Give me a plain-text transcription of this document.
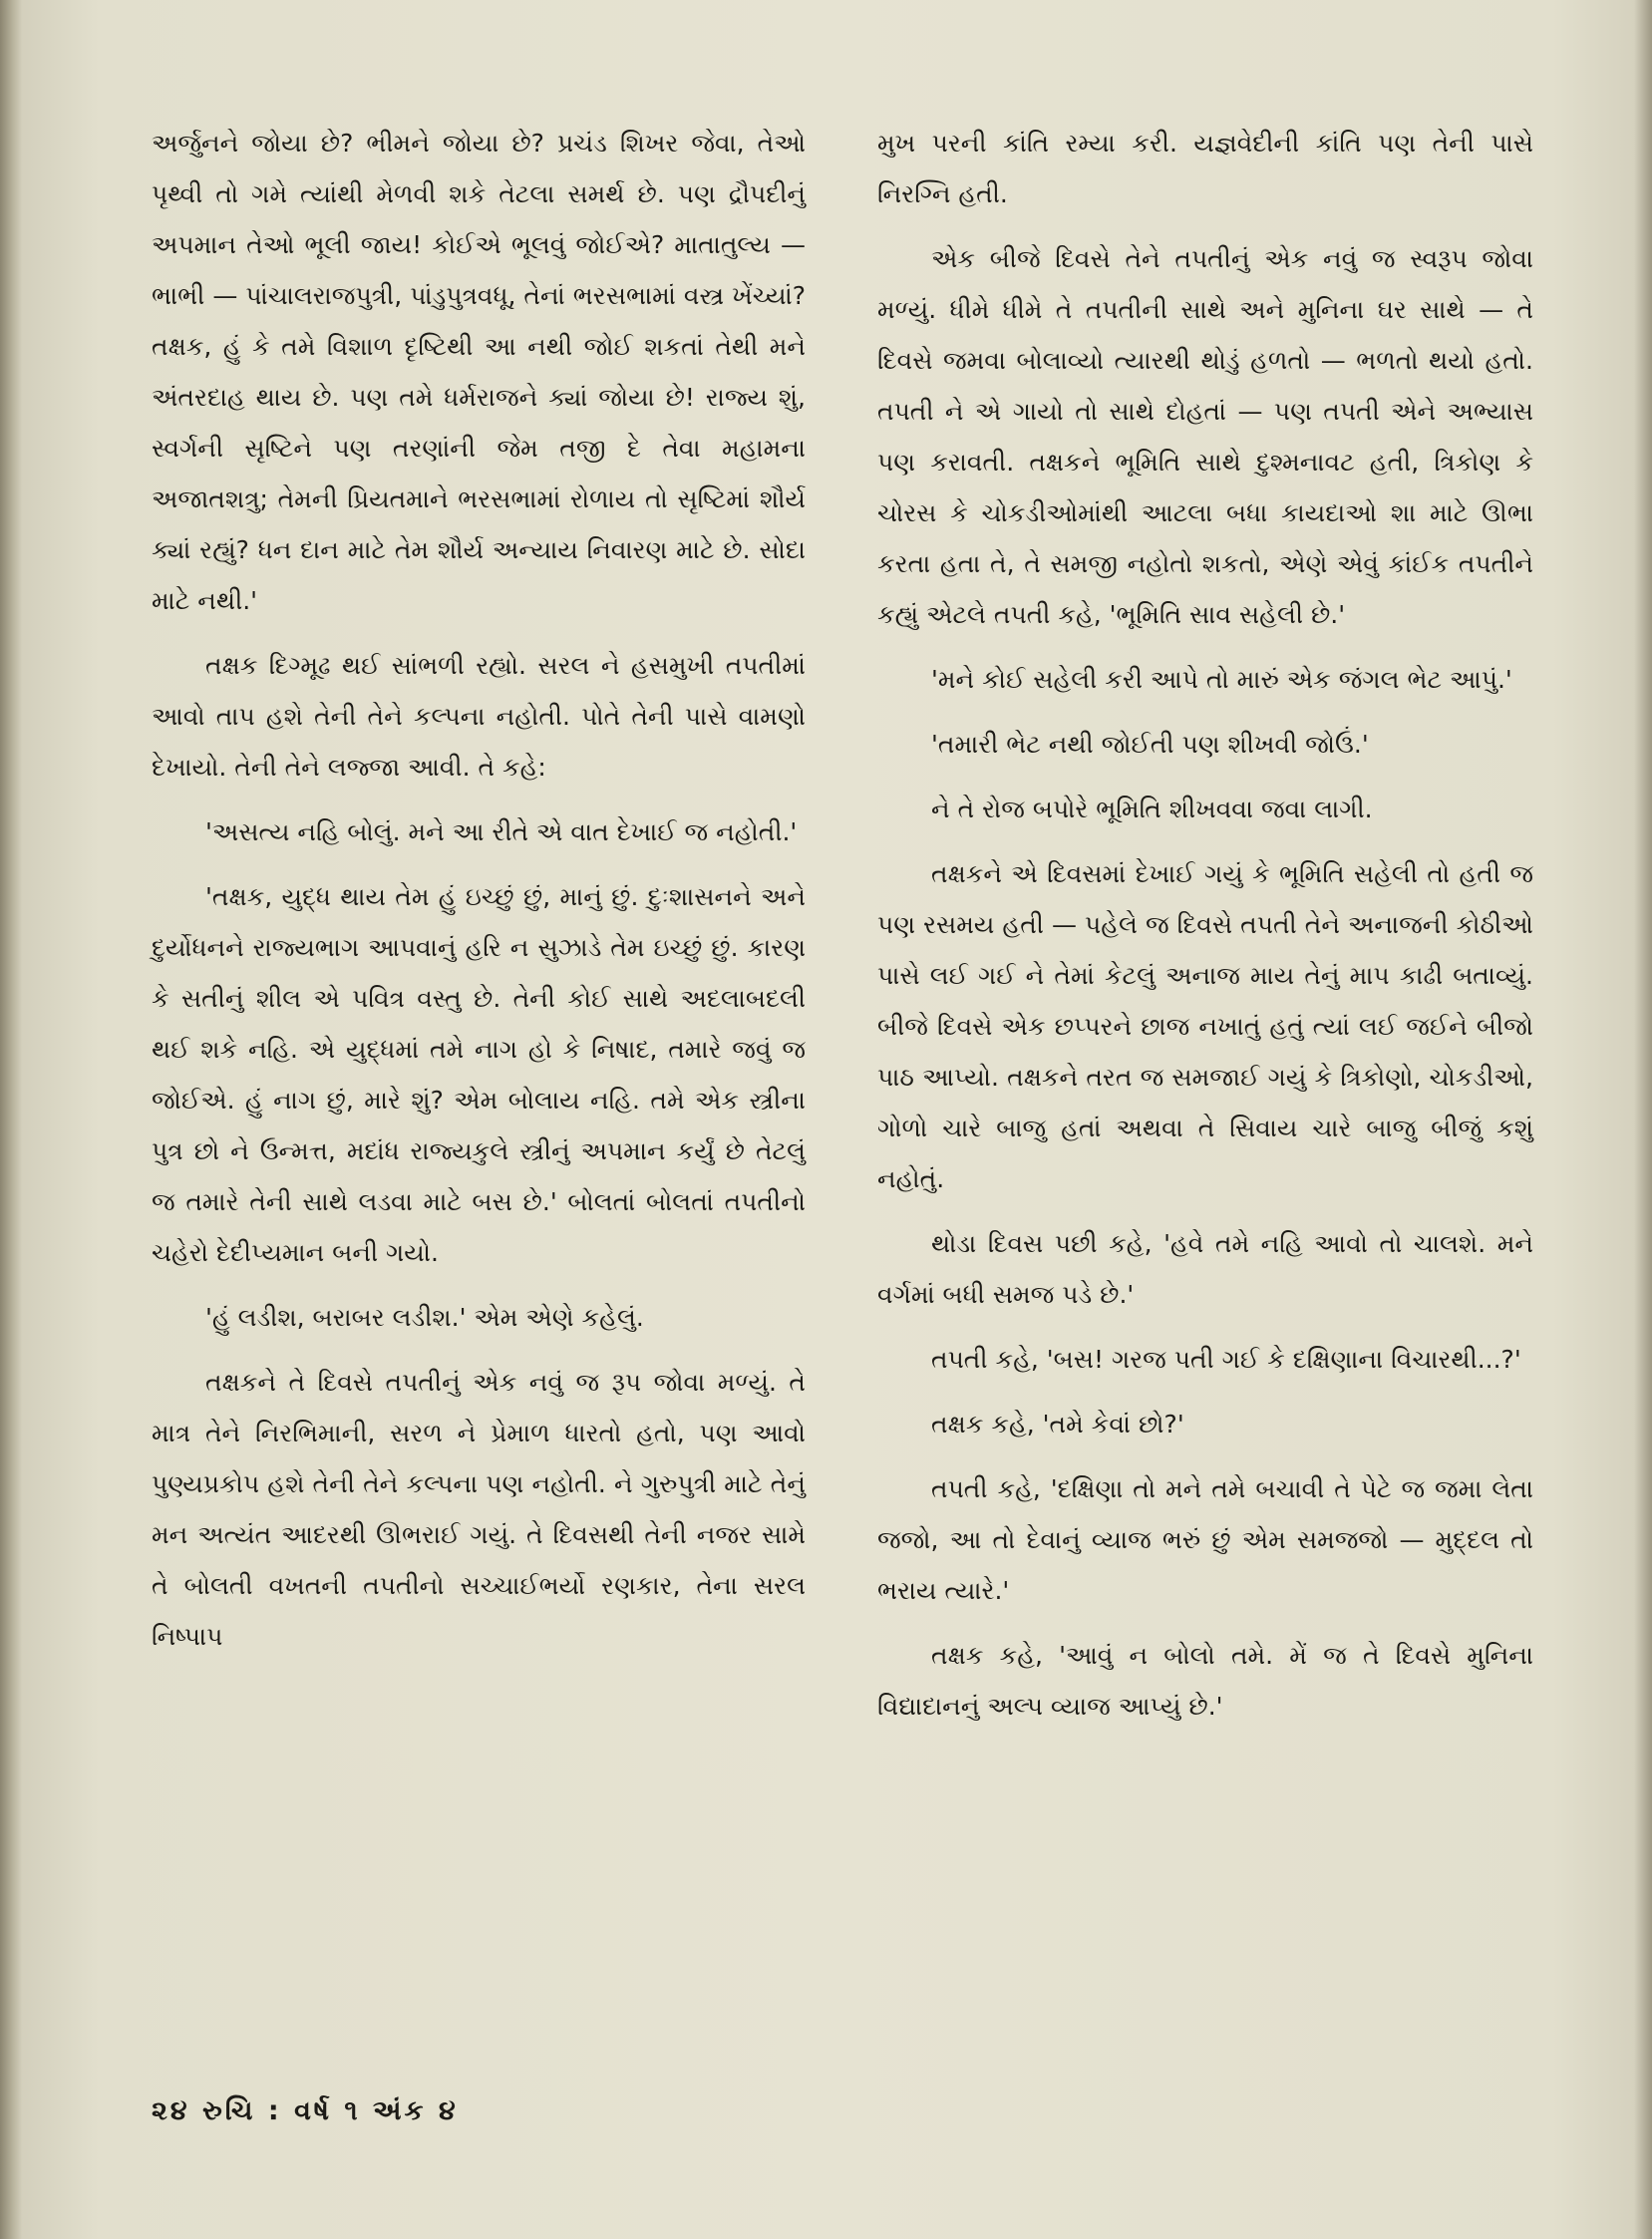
અર્જુનને જોયા છે? ભીમને જોયા છે? પ્રચંડ શિખર જેવા, તેઓ પૃથ્વી તો ગમે ત્યાંથી મેળવી શકે તેટલા સમર્થ છે. પણ દ્રૌપદીનું અપમાન તેઓ ભૂલી જાય! કોઈએ ભૂલવું જોઈએ? માતાતુલ્ય — ભાભી — પાંચાલરાજપુત્રી, પાંડુપુત્રવધૂ, તેનાં ભરસભામાં વસ્ત્ર ખેંચ્યાં? તક્ષક, હું કે તમે વિશાળ દૃષ્ટિથી આ નથી જોઈ શકતાં તેથી મને અંતરદાહ થાય છે. પણ તમે ધર્મરાજને ક્યાં જોયા છે! રાજ્ય શું, સ્વર્ગની સૃષ્ટિને પણ તરણાંની જેમ તજી દે તેવા મહામના અજાતશત્રુ; તેમની પ્રિયતમાને ભરસભામાં રોળાય તો સૃષ્ટિમાં શૌર્ય ક્યાં રહ્યું? ધન દાન માટે તેમ શૌર્ય અન્યાય નિવારણ માટે છે. સોદા માટે નથી.'

તક્ષક દિગ્મૂઢ થઈ સાંભળી રહ્યો. સરલ ને હસમુખી તપતીમાં આવો તાપ હશે તેની તેને કલ્પના નહોતી. પોતે તેની પાસે વામણો દેખાયો. તેની તેને લજ્જા આવી. તે કહે:

'અસત્ય નહિ બોલું. મને આ રીતે એ વાત દેખાઈ જ નહોતી.'

'તક્ષક, યુદ્ધ થાય તેમ હું ઇચ્છું છું, માનું છું. દુઃશાસનને અને દુર્યોધનને રાજ્યભાગ આપવાનું હરિ ન સુઝાડે તેમ ઇચ્છું છું. કારણ કે સતીનું શીલ એ પવિત્ર વસ્તુ છે. તેની કોઈ સાથે અદલાબદલી થઈ શકે નહિ. એ યુદ્ધમાં તમે નાગ હો કે નિષાદ, તમારે જવું જ જોઈએ. હું નાગ છું, મારે શું? એમ બોલાય નહિ. તમે એક સ્ત્રીના પુત્ર છો ને ઉન્મત્ત, મદાંધ રાજ્યકુલે સ્ત્રીનું અપમાન કર્યું છે તેટલું જ તમારે તેની સાથે લડવા માટે બસ છે.' બોલતાં બોલતાં તપતીનો ચહેરો દેદીપ્યમાન બની ગયો.

'હું લડીશ, બરાબર લડીશ.' એમ એણે કહેલું.

તક્ષકને તે દિવસે તપતીનું એક નવું જ રૂપ જોવા મળ્યું. તે માત્ર તેને નિરભિમાની, સરળ ને પ્રેમાળ ધારતો હતો, પણ આવો પુણ્યપ્રકોપ હશે તેની તેને કલ્પના પણ નહોતી. ને ગુરુપુત્રી માટે તેનું મન અત્યંત આદરથી ઊભરાઈ ગયું. તે દિવસથી તેની નજર સામે તે બોલતી વખતની તપતીનો સચ્ચાઈભર્યો રણકાર, તેના સરલ નિષ્પાપ

મુખ પરની કાંતિ રમ્યા કરી. યજ્ઞવેદીની કાંતિ પણ તેની પાસે નિરગ્નિ હતી.

એક બીજે દિવસે તેને તપતીનું એક નવું જ સ્વરૂપ જોવા મળ્યું. ધીમે ધીમે તે તપતીની સાથે અને મુનિના ઘર સાથે — તે દિવસે જમવા બોલાવ્યો ત્યારથી થોડું હળતો — ભળતો થયો હતો. તપતી ને એ ગાયો તો સાથે દોહતાં — પણ તપતી એને અભ્યાસ પણ કરાવતી. તક્ષકને ભૂમિતિ સાથે દુશ્મનાવટ હતી, ત્રિકોણ કે ચોરસ કે ચોકડીઓમાંથી આટલા બધા કાયદાઓ શા માટે ઊભા કરતા હતા તે, તે સમજી નહોતો શકતો, એણે એવું કાંઈક તપતીને કહ્યું એટલે તપતી કહે, 'ભૂમિતિ સાવ સહેલી છે.'

'મને કોઈ સહેલી કરી આપે તો મારું એક જંગલ ભેટ આપું.'

'તમારી ભેટ નથી જોઈતી પણ શીખવી જોઉં.'

ને તે રોજ બપોરે ભૂમિતિ શીખવવા જવા લાગી.

તક્ષકને એ દિવસમાં દેખાઈ ગયું કે ભૂમિતિ સહેલી તો હતી જ પણ રસમય હતી — પહેલે જ દિવસે તપતી તેને અનાજની કોઠીઓ પાસે લઈ ગઈ ને તેમાં કેટલું અનાજ માય તેનું માપ કાઢી બતાવ્યું. બીજે દિવસે એક છપ્પરને છાજ નખાતું હતું ત્યાં લઈ જઈને બીજો પાઠ આપ્યો. તક્ષકને તરત જ સમજાઈ ગયું કે ત્રિકોણો, ચોકડીઓ, ગોળો ચારે બાજુ હતાં અથવા તે સિવાય ચારે બાજુ બીજું કશું નહોતું.

થોડા દિવસ પછી કહે, 'હવે તમે નહિ આવો તો ચાલશે. મને વર્ગમાં બધી સમજ પડે છે.'

તપતી કહે, 'બસ! ગરજ પતી ગઈ કે દક્ષિણાના વિચારથી...?'

તક્ષક કહે, 'તમે કેવાં છો?'

તપતી કહે, 'દક્ષિણા તો મને તમે બચાવી તે પેટે જ જમા લેતા જજો, આ તો દેવાનું વ્યાજ ભરું છું એમ સમજજો — મુદ્દલ તો ભરાય ત્યારે.'

તક્ષક કહે, 'આવું ન બોલો તમે. મેં જ તે દિવસે મુનિના વિદ્યાદાનનું અલ્પ વ્યાજ આપ્યું છે.'

૨૪ રુચિ : વર્ષ ૧ અંક ૪
